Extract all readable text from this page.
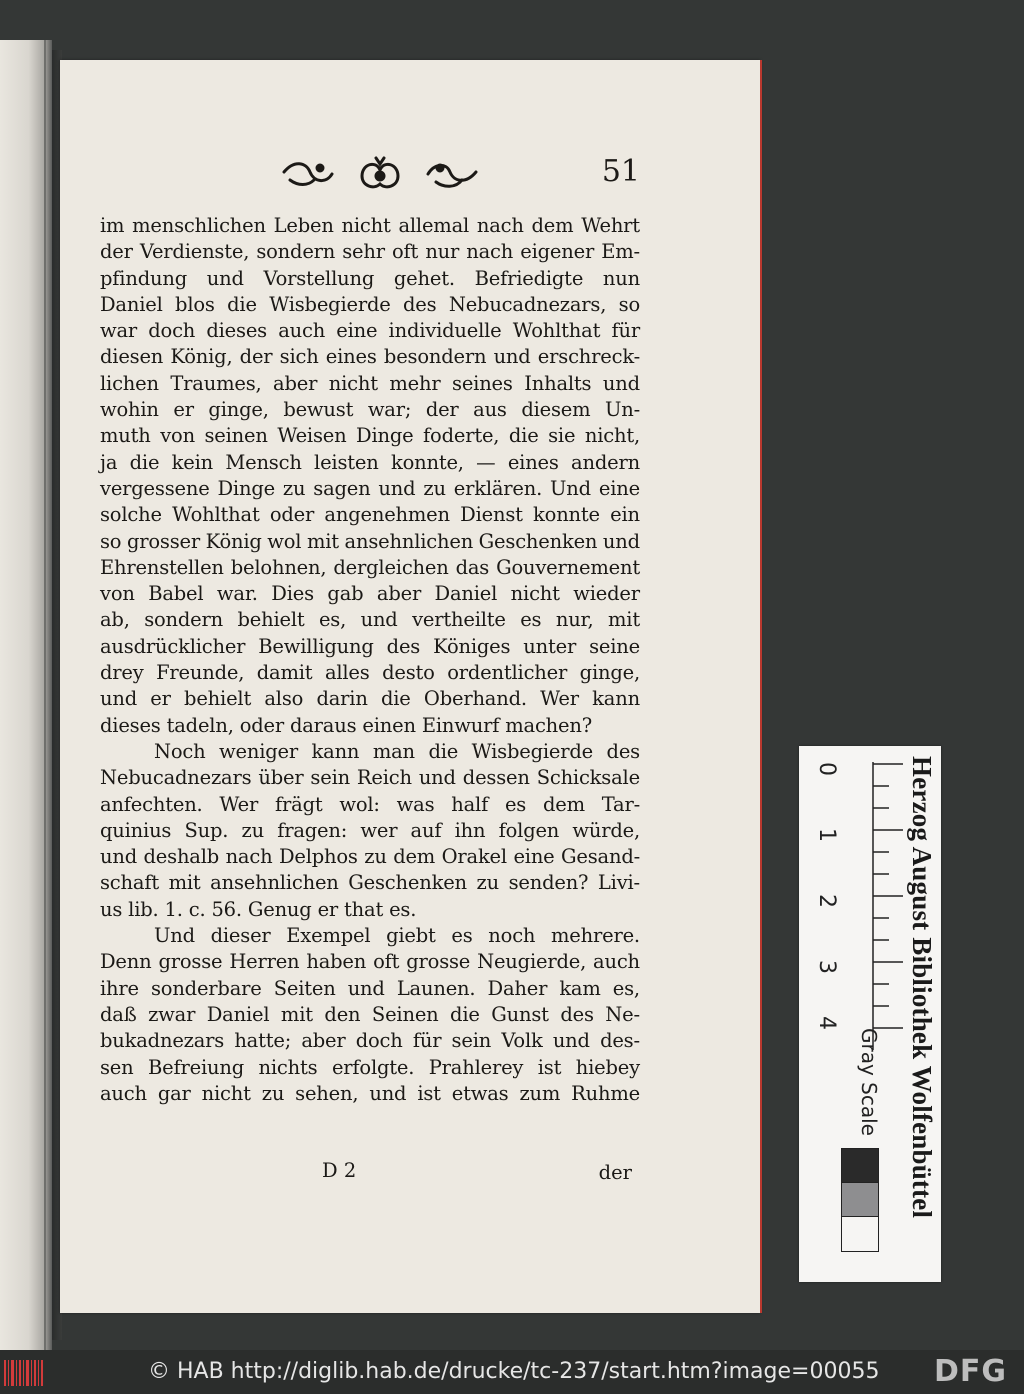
51
im menschlichen Leben nicht allemal nach dem Wehrt
der Verdienste, sondern sehr oft nur nach eigener Em-
pfindung und Vorstellung gehet. Befriedigte nun
Daniel blos die Wisbegierde des Nebucadnezars, so
war doch dieses auch eine individuelle Wohlthat für
diesen König, der sich eines besondern und erschreck-
lichen Traumes, aber nicht mehr seines Inhalts und
wohin er ginge, bewust war; der aus diesem Un-
muth von seinen Weisen Dinge foderte, die sie nicht,
ja die kein Mensch leisten konnte, — eines andern
vergessene Dinge zu sagen und zu erklären. Und eine
solche Wohlthat oder angenehmen Dienst konnte ein
so grosser König wol mit ansehnlichen Geschenken und
Ehrenstellen belohnen, dergleichen das Gouvernement
von Babel war. Dies gab aber Daniel nicht wieder
ab, sondern behielt es, und vertheilte es nur, mit
ausdrücklicher Bewilligung des Königes unter seine
drey Freunde, damit alles desto ordentlicher ginge,
und er behielt also darin die Oberhand. Wer kann
dieses tadeln, oder daraus einen Einwurf machen?
Noch weniger kann man die Wisbegierde des
Nebucadnezars über sein Reich und dessen Schicksale
anfechten. Wer frägt wol: was half es dem Tar-
quinius Sup. zu fragen: wer auf ihn folgen würde,
und deshalb nach Delphos zu dem Orakel eine Gesand-
schaft mit ansehnlichen Geschenken zu senden? Livi-
us lib. 1. c. 56. Genug er that es.
Und dieser Exempel giebt es noch mehrere.
Denn grosse Herren haben oft grosse Neugierde, auch
ihre sonderbare Seiten und Launen. Daher kam es,
daß zwar Daniel mit den Seinen die Gunst des Ne-
bukadnezars hatte; aber doch für sein Volk und des-
sen Befreiung nichts erfolgte. Prahlerey ist hiebey
auch gar nicht zu sehen, und ist etwas zum Ruhme
D 2	der
0
1
2
3
4
Gray Scale Herzog August Bibliothek Wolfenbüttel
© HAB http://diglib.hab.de/drucke/tc-237/start.htm?image=00055 DFG
